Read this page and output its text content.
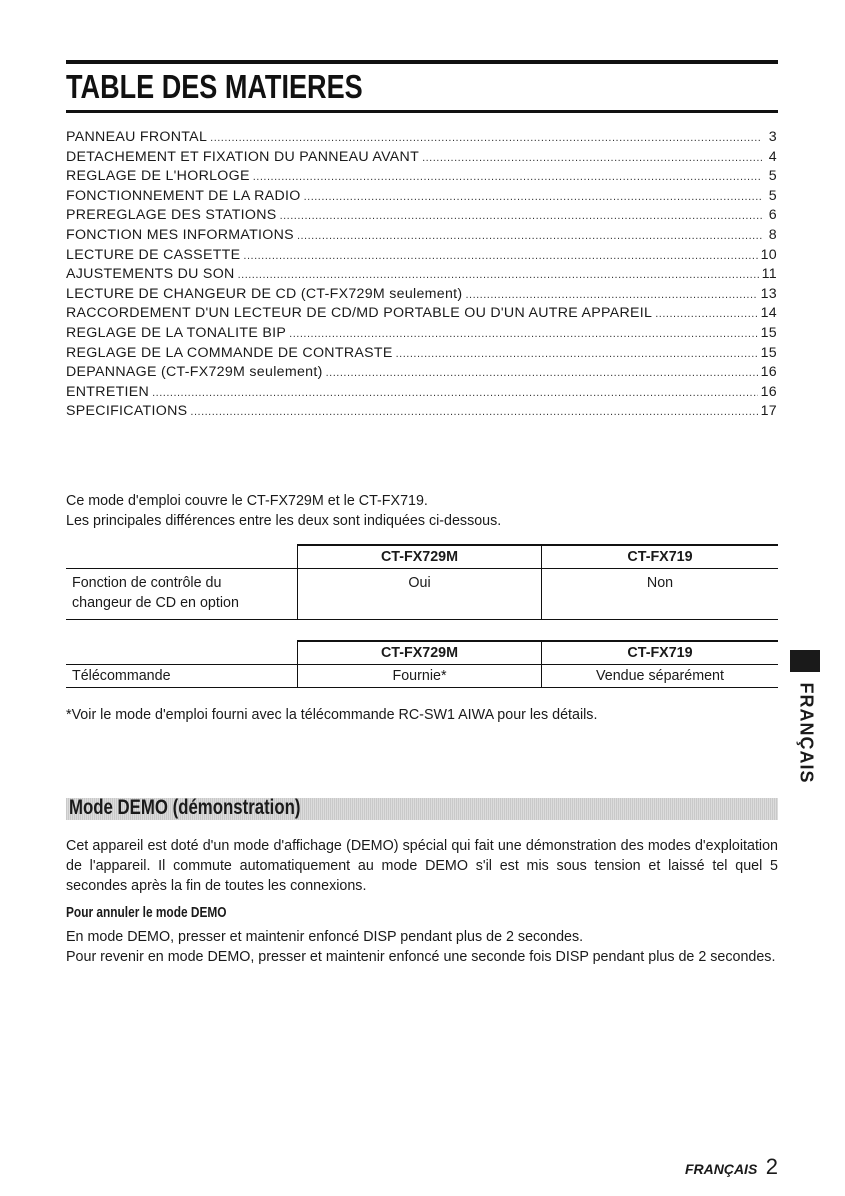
TABLE DES MATIERES
PANNEAU FRONTAL .....	3
DETACHEMENT ET FIXATION DU PANNEAU AVANT .....	4
REGLAGE DE L'HORLOGE .....	5
FONCTIONNEMENT DE LA RADIO .....	5
PREREGLAGE DES STATIONS .....	6
FONCTION MES INFORMATIONS .....	8
LECTURE DE CASSETTE .....	10
AJUSTEMENTS DU SON .....	11
LECTURE DE CHANGEUR DE CD (CT-FX729M seulement) .....	13
RACCORDEMENT D'UN LECTEUR DE CD/MD PORTABLE OU D'UN AUTRE APPAREIL .....	14
REGLAGE DE LA TONALITE BIP .....	15
REGLAGE DE LA COMMANDE DE CONTRASTE .....	15
DEPANNAGE (CT-FX729M seulement) .....	16
ENTRETIEN .....	16
SPECIFICATIONS .....	17
Ce mode d'emploi couvre le CT-FX729M et le CT-FX719.
Les principales différences entre les deux sont indiquées ci-dessous.
	CT-FX729M	CT-FX719

Fonction de contrôle du
changeur de CD en option	Oui	Non
	CT-FX729M	CT-FX719
Télécommande	Fournie*	Vendue séparément
*Voir le mode d'emploi fourni avec la télécommande RC-SW1 AIWA pour les détails.	FRANÇAIS
Mode DEMO (démonstration)

Cet appareil est doté d'un mode d'affichage (DEMO) spécial qui fait une démonstration des modes d'exploitation de l'appareil. Il commute automatiquement au mode DEMO s'il est mis sous tension et laissé tel quel 5 secondes après la fin de toutes les connexions.

Pour annuler le mode DEMO

En mode DEMO, presser et maintenir enfoncé DISP pendant plus de 2 secondes.

Pour revenir en mode DEMO, presser et maintenir enfoncé une seconde fois DISP pendant plus de 2 secondes.

FRANÇAIS 2
